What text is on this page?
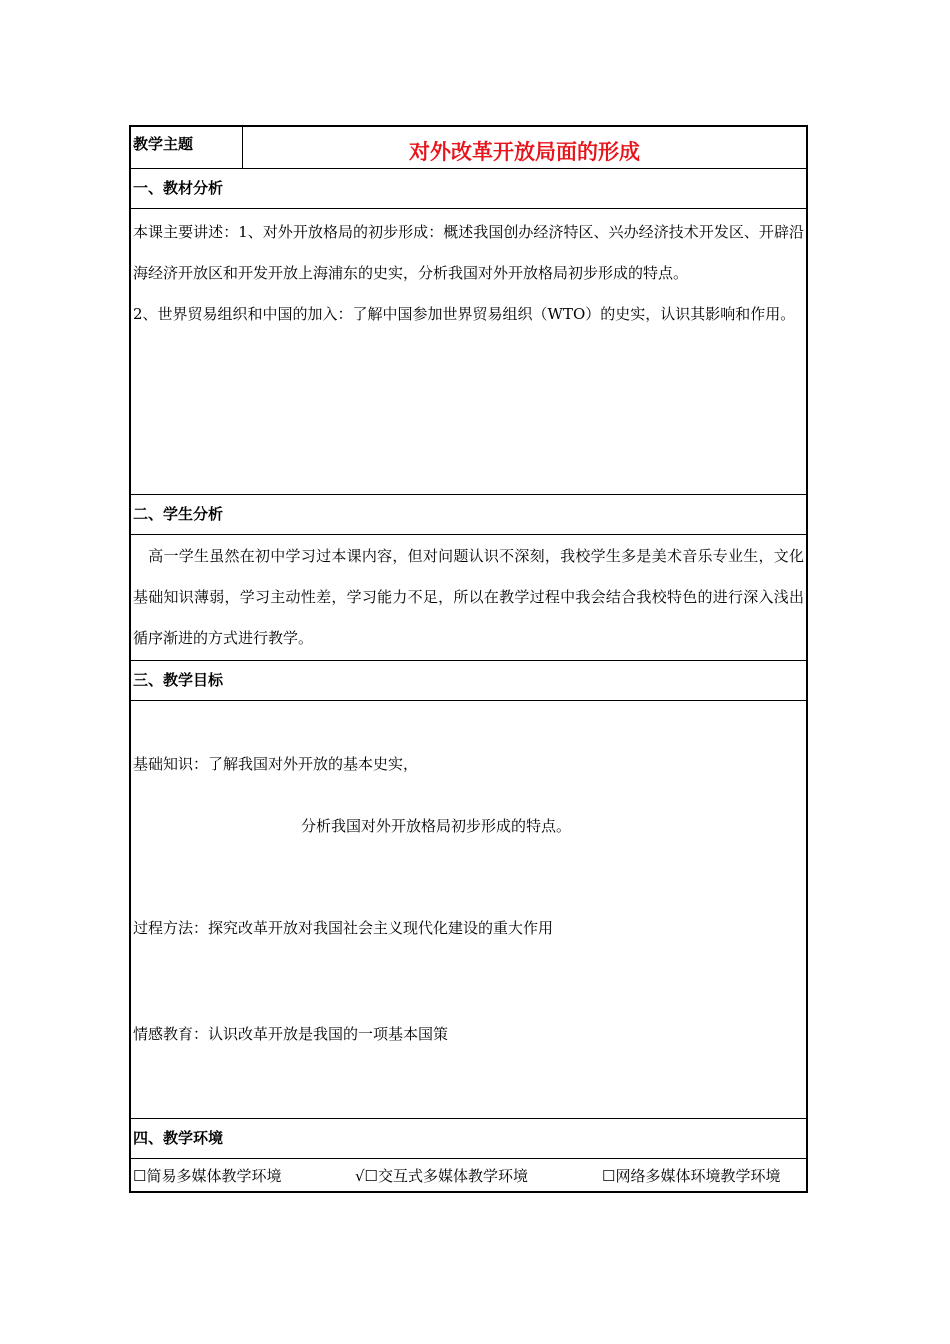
教学主题	对外改革开放局面的形成
一、教材分析

本课主要讲述：1、对外开放格局的初步形成：概述我国创办经济特区、兴办经济技术开发区、开辟沿海经济开放区和开发开放上海浦东的史实，分析我国对外开放格局初步形成的特点。

2、世界贸易组织和中国的加入：了解中国参加世界贸易组织（WTO）的史实，认识其影响和作用。

二、学生分析

　高一学生虽然在初中学习过本课内容，但对问题认识不深刻，我校学生多是美术音乐专业生，文化基础知识薄弱，学习主动性差，学习能力不足，所以在教学过程中我会结合我校特色的进行深入浅出循序渐进的方式进行教学。

三、教学目标

基础知识：了解我国对外开放的基本史实，

分析我国对外开放格局初步形成的特点。

过程方法：探究改革开放对我国社会主义现代化建设的重大作用

情感教育：认识改革开放是我国的一项基本国策

四、教学环境
☐简易多媒体教学环境	√☐交互式多媒体教学环境	☐网络多媒体环境教学环境
